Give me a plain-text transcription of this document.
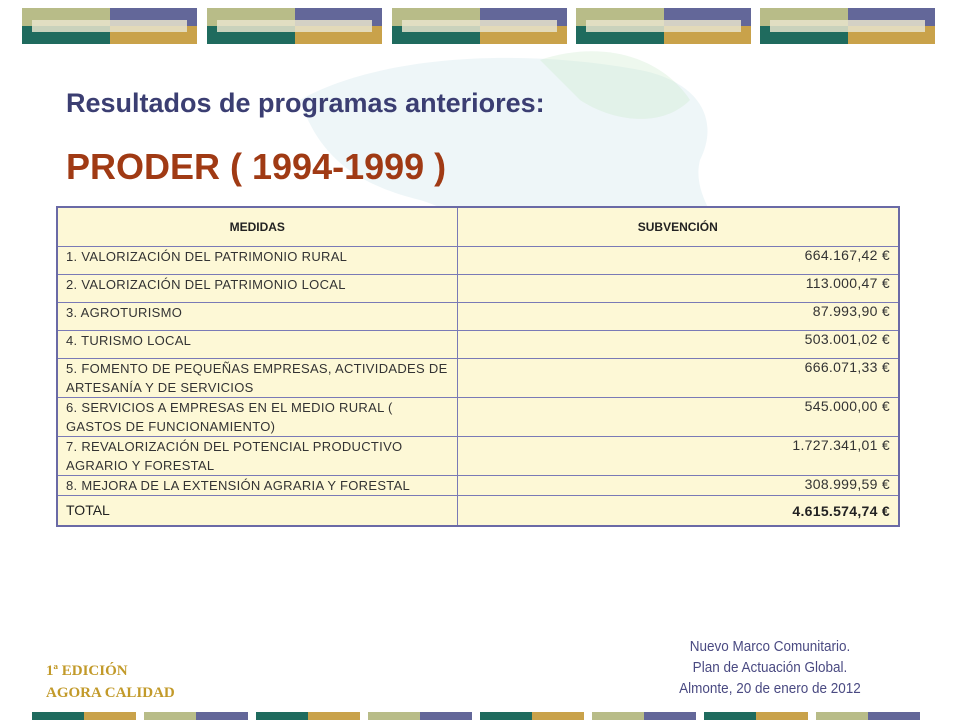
Resultados de programas anteriores:
PRODER ( 1994-1999 )
MEDIDAS	SUBVENCIÓN
1. VALORIZACIÓN DEL PATRIMONIO RURAL	664.167,42 €
2. VALORIZACIÓN DEL PATRIMONIO LOCAL	113.000,47 €
3. AGROTURISMO	87.993,90 €
4. TURISMO LOCAL	503.001,02 €
5. FOMENTO DE PEQUEÑAS EMPRESAS, ACTIVIDADES DE ARTESANÍA Y DE SERVICIOS	666.071,33 €
6. SERVICIOS A EMPRESAS EN EL MEDIO RURAL ( GASTOS DE FUNCIONAMIENTO)	545.000,00 €
7. REVALORIZACIÓN DEL POTENCIAL PRODUCTIVO AGRARIO Y FORESTAL	1.727.341,01 €
8. MEJORA DE LA EXTENSIÓN AGRARIA Y FORESTAL	308.999,59 €
TOTAL	4.615.574,74 €
1ª EDICIÓN
AGORA CALIDAD
Nuevo Marco Comunitario.
Plan de Actuación Global.
Almonte, 20 de enero de 2012
